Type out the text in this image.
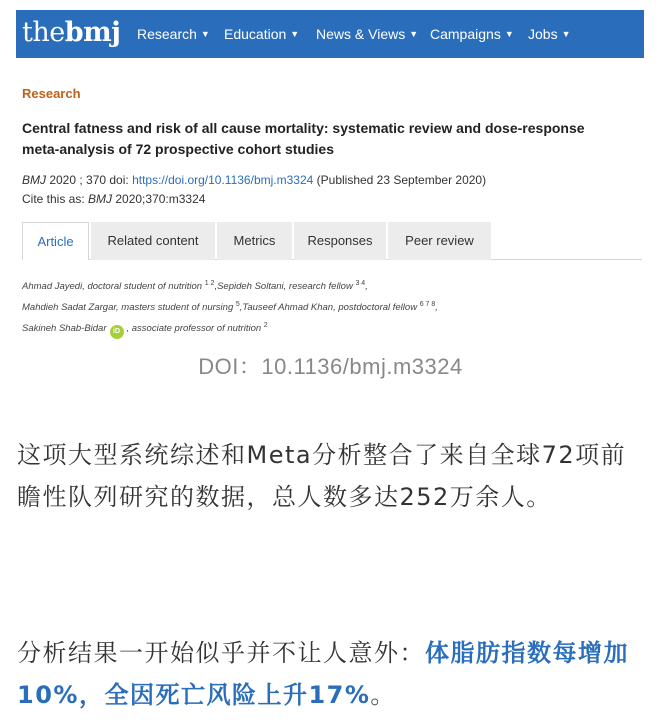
thebmj Research ▼ Education ▼ News & Views ▼ Campaigns ▼ Jobs ▼
Research
Central fatness and risk of all cause mortality: systematic review and dose-response meta-analysis of 72 prospective cohort studies
BMJ 2020 ; 370 doi: https://doi.org/10.1136/bmj.m3324 (Published 23 September 2020)
Cite this as: BMJ 2020;370:m3324
Article	Related content	Metrics	Responses	Peer review
Ahmad Jayedi, doctoral student of nutrition $^{1 2}$,Sepideh Soltani, research fellow $^{3 4}$,
Mahdieh Sadat Zargar, masters student of nursing $^5$,Tauseef Ahmad Khan, postdoctoral fellow $^{6 7 8}$,
Sakineh Shab-Bidar iD , associate professor of nutrition $^2$
DOI：10.1136/bmj.m3324
这项大型系统综述和Meta分析整合了来自全球72项前瞻性队列研究的数据，总人数多达252万余人。
分析结果一开始似乎并不让人意外：体脂肪指数每增加10%，全因死亡风险上升17%。
